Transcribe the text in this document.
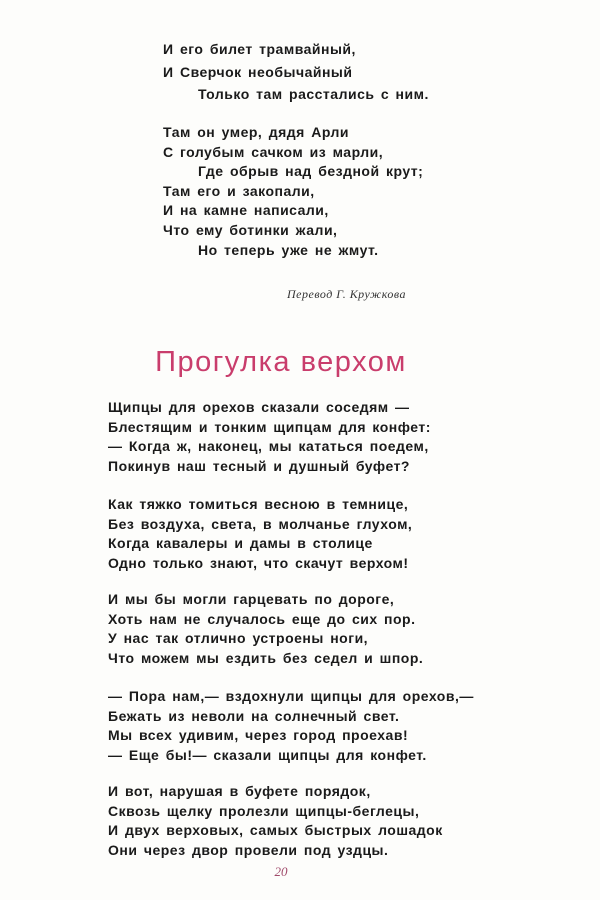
И его билет трамвайный,
И Сверчок необычайный
Только там расстались с ним.
Там он умер, дядя Арли
С голубым сачком из марли,
Где обрыв над бездной крут;
Там его и закопали,
И на камне написали,
Что ему ботинки жали,
Но теперь уже не жмут.
Перевод Г. Кружкова
Прогулка верхом
Щипцы для орехов сказали соседям —
Блестящим и тонким щипцам для конфет:
— Когда ж, наконец, мы кататься поедем,
Покинув наш тесный и душный буфет?
Как тяжко томиться весною в темнице,
Без воздуха, света, в молчанье глухом,
Когда кавалеры и дамы в столице
Одно только знают, что скачут верхом!
И мы бы могли гарцевать по дороге,
Хоть нам не случалось еще до сих пор.
У нас так отлично устроены ноги,
Что можем мы ездить без седел и шпор.
— Пора нам,— вздохнули щипцы для орехов,—
Бежать из неволи на солнечный свет.
Мы всех удивим, через город проехав!
— Еще бы!— сказали щипцы для конфет.
И вот, нарушая в буфете порядок,
Сквозь щелку пролезли щипцы-беглецы,
И двух верховых, самых быстрых лошадок
Они через двор провели под уздцы.
20
